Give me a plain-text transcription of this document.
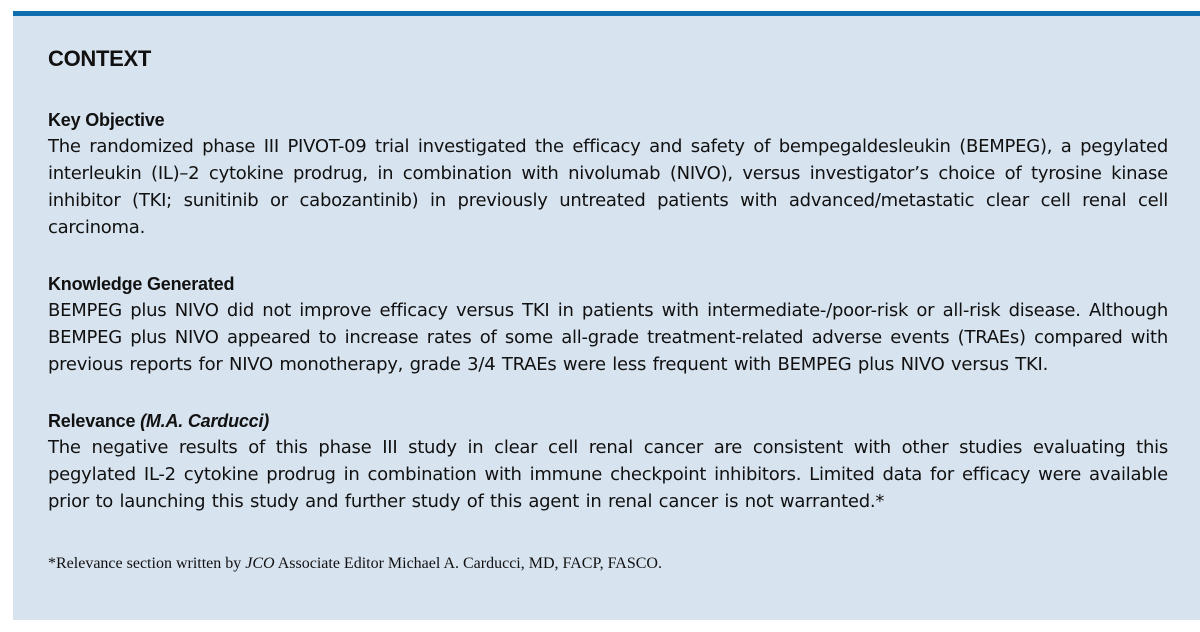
CONTEXT

Key Objective

The randomized phase III PIVOT-09 trial investigated the efficacy and safety of bempegaldesleukin (BEMPEG), a pegylated interleukin (IL)–2 cytokine prodrug, in combination with nivolumab (NIVO), versus investigator’s choice of tyrosine kinase inhibitor (TKI; sunitinib or cabozantinib) in previously untreated patients with advanced/metastatic clear cell renal cell carcinoma.

Knowledge Generated

BEMPEG plus NIVO did not improve efficacy versus TKI in patients with intermediate-/poor-risk or all-risk disease. Although BEMPEG plus NIVO appeared to increase rates of some all-grade treatment-related adverse events (TRAEs) compared with previous reports for NIVO monotherapy, grade 3/4 TRAEs were less frequent with BEMPEG plus NIVO versus TKI.

Relevance (M.A. Carducci)

The negative results of this phase III study in clear cell renal cancer are consistent with other studies evaluating this pegylated IL-2 cytokine prodrug in combination with immune checkpoint inhibitors. Limited data for efficacy were available prior to launching this study and further study of this agent in renal cancer is not warranted.*

*Relevance section written by JCO Associate Editor Michael A. Carducci, MD, FACP, FASCO.
